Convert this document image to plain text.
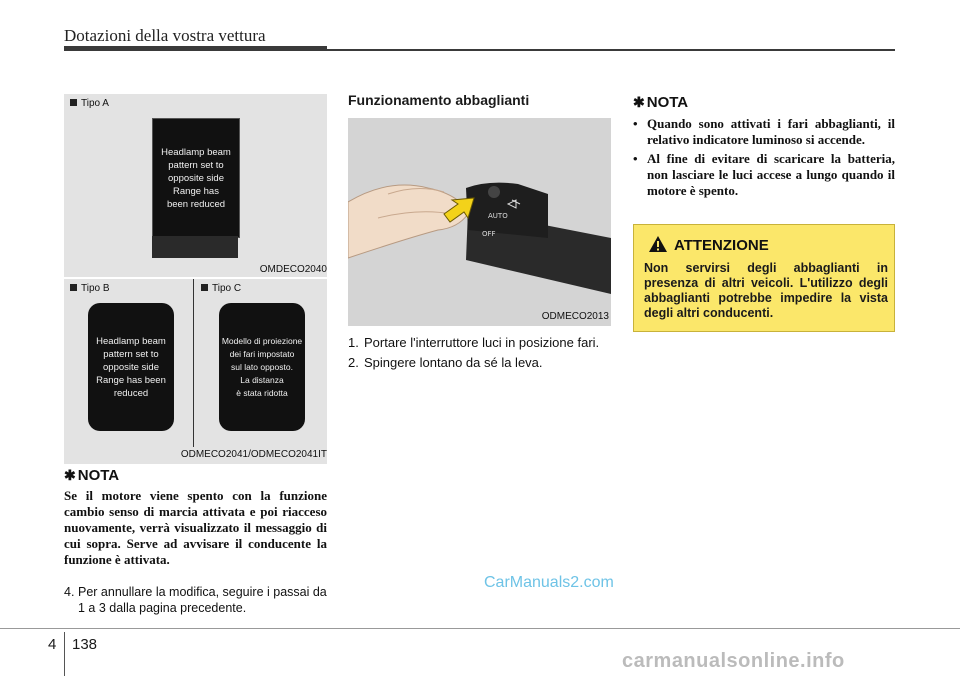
Dotazioni della vostra vettura
Tipo A
Headlamp beam
pattern set to
opposite side
Range has
been reduced
OMDECO2040
Tipo B	Tipo C
Headlamp beam
pattern set to
opposite side
Range has been
reduced
Modello di proiezione
dei fari impostato
sul lato opposto.
La distanza
è stata ridotta
ODMECO2041/ODMECO2041IT
✱ NOTA
Se il motore viene spento con la funzione cambio senso di marcia attivata e poi riacceso nuovamente, verrà visualizzato il messaggio di cui sopra. Serve ad avvisare il conducente la funzione è attivata.
4. Per annullare la modifica, seguire i passai da 1 a 3 dalla pagina precedente.
Funzionamento abbaglianti
AUTO
OFF
ODMECO2013
1. Portare l'interruttore luci in posizione fari.
2. Spingere lontano da sé la leva.
✱ NOTA
• Quando sono attivati i fari abbaglianti, il relativo indicatore luminoso si accende.
• Al fine di evitare di scaricare la batteria, non lasciare le luci accese a lungo quando il motore è spento.
ATTENZIONE
Non servirsi degli abbaglianti in presenza di altri veicoli. L'utilizzo degli abbaglianti potrebbe impedire la vista degli altri conducenti.
CarManuals2.com
4 138
carmanualsonline.info
